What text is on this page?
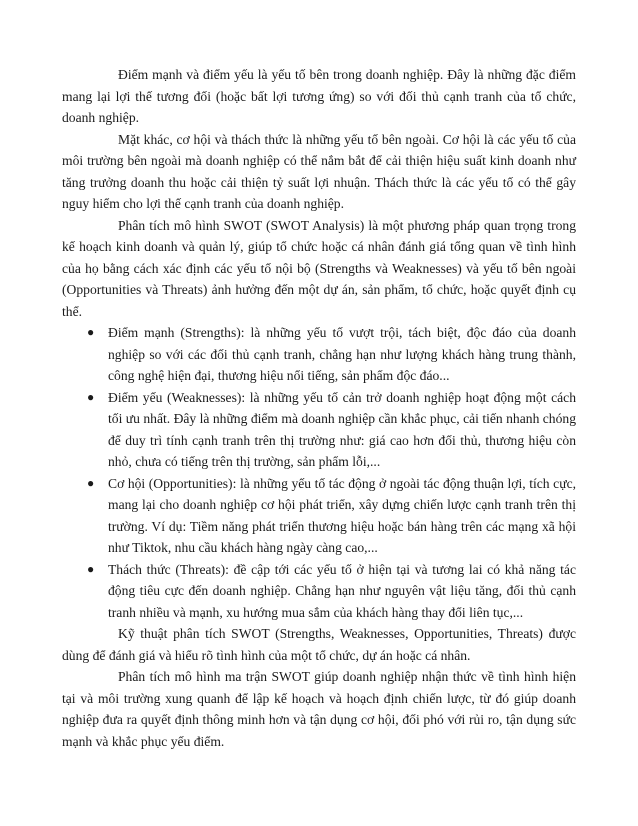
Điểm mạnh và điểm yếu là yếu tố bên trong doanh nghiệp. Đây là những đặc điểm mang lại lợi thế tương đối (hoặc bất lợi tương ứng) so với đối thủ cạnh tranh của tổ chức, doanh nghiệp.

Mặt khác, cơ hội và thách thức là những yếu tố bên ngoài. Cơ hội là các yếu tố của môi trường bên ngoài mà doanh nghiệp có thể nắm bắt để cải thiện hiệu suất kinh doanh như tăng trưởng doanh thu hoặc cải thiện tỷ suất lợi nhuận. Thách thức là các yếu tố có thể gây nguy hiểm cho lợi thế cạnh tranh của doanh nghiệp.

Phân tích mô hình SWOT (SWOT Analysis) là một phương pháp quan trọng trong kế hoạch kinh doanh và quản lý, giúp tổ chức hoặc cá nhân đánh giá tổng quan về tình hình của họ bằng cách xác định các yếu tố nội bộ (Strengths và Weaknesses) và yếu tố bên ngoài (Opportunities và Threats) ảnh hưởng đến một dự án, sản phẩm, tổ chức, hoặc quyết định cụ thể.

● Điểm mạnh (Strengths): là những yếu tố vượt trội, tách biệt, độc đáo của doanh nghiệp so với các đối thủ cạnh tranh, chẳng hạn như lượng khách hàng trung thành, công nghệ hiện đại, thương hiệu nổi tiếng, sản phẩm độc đáo...
● Điểm yếu (Weaknesses): là những yếu tố cản trở doanh nghiệp hoạt động một cách tối ưu nhất. Đây là những điểm mà doanh nghiệp cần khắc phục, cải tiến nhanh chóng để duy trì tính cạnh tranh trên thị trường như: giá cao hơn đối thủ, thương hiệu còn nhỏ, chưa có tiếng trên thị trường, sản phẩm lỗi,...
● Cơ hội (Opportunities): là những yếu tố tác động ở ngoài tác động thuận lợi, tích cực, mang lại cho doanh nghiệp cơ hội phát triển, xây dựng chiến lược cạnh tranh trên thị trường. Ví dụ: Tiềm năng phát triển thương hiệu hoặc bán hàng trên các mạng xã hội như Tiktok, nhu cầu khách hàng ngày càng cao,...
● Thách thức (Threats): đề cập tới các yếu tố ở hiện tại và tương lai có khả năng tác động tiêu cực đến doanh nghiệp. Chẳng hạn như nguyên vật liệu tăng, đối thủ cạnh tranh nhiều và mạnh, xu hướng mua sắm của khách hàng thay đổi liên tục,...

Kỹ thuật phân tích SWOT (Strengths, Weaknesses, Opportunities, Threats) được dùng để đánh giá và hiểu rõ tình hình của một tổ chức, dự án hoặc cá nhân.

Phân tích mô hình ma trận SWOT giúp doanh nghiệp nhận thức về tình hình hiện tại và môi trường xung quanh để lập kế hoạch và hoạch định chiến lược, từ đó giúp doanh nghiệp đưa ra quyết định thông minh hơn và tận dụng cơ hội, đối phó với rủi ro, tận dụng sức mạnh và khắc phục yếu điểm.
